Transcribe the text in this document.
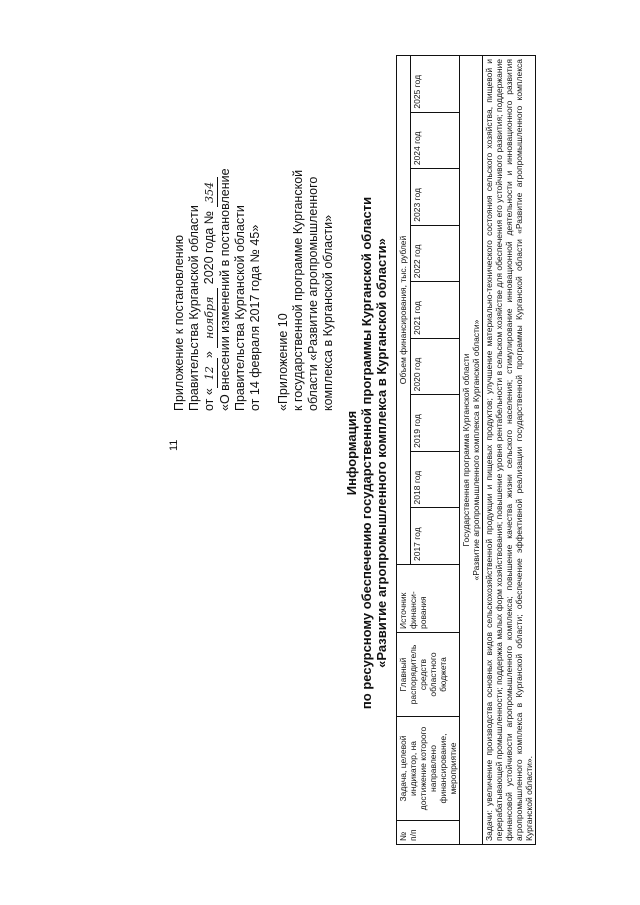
11
Приложение к постановлению Правительства Курганской области от «12» ноября 2020 года № 354 «О внесении изменений в постановление Правительства Курганской области от 14 февраля 2017 года № 45» «Приложение 10 к государственной программе Курганской области «Развитие агропромышленного комплекса в Курганской области»
Информация по ресурсному обеспечению государственной программы Курганской области «Развитие агропромышленного комплекса в Курганской области»
№ п/п	Задача, целевой индикатор, на достижение которого направлено финансирование, мероприятие	Главный распорядитель средств областного бюджета	Источник финанси-рования	Объем финансирования, тыс. рублей								
				2017 год	2018 год	2019 год	2020 год	2021 год	2022 год	2023 год	2024 год	2025 год

Государственная программа Курганской области «Развитие агропромышленного комплекса в Курганской области»												

Задачи: увеличение производства основных видов сельскохозяйственной продукции и пищевых продуктов; улучшение материально-технического состояния сельского хозяйства, пищевой и перерабатывающей промышленности; поддержка малых форм хозяйствования; повышение уровня рентабельности в сельском хозяйстве для обеспечения его устойчивого развития; поддержание финансовой устойчивости агропромышленного комплекса; повышение качества жизни сельского населения; стимулирование инновационной деятельности и инновационного развития агропромышленного комплекса в Курганской области; обеспечение эффективной реализации государственной программы Курганской области «Развитие агропромышленного комплекса Курганской области».												
